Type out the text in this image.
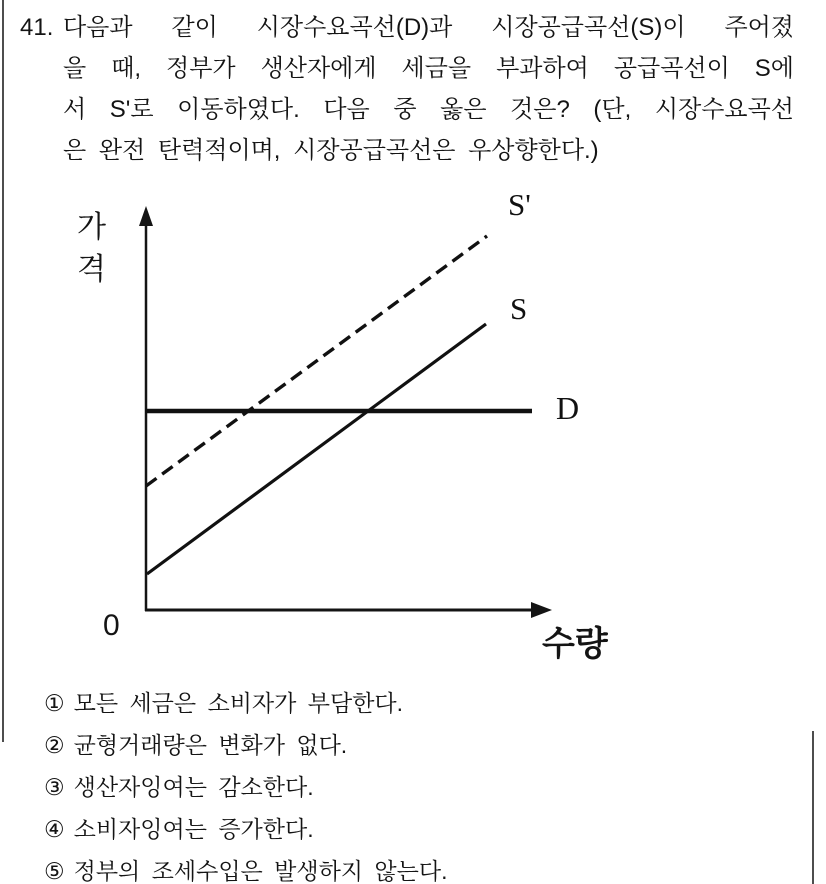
41. 다음과 같이 시장수요곡선(D)과 시장공급곡선(S)이 주어졌
을 때, 정부가 생산자에게 세금을 부과하여 공급곡선이 S에
서 S'로 이동하였다. 다음 중 옳은 것은? (단, 시장수요곡선
은 완전 탄력적이며, 시장공급곡선은 우상향한다.)
가격
수량
0
S'
S
D
① 모든 세금은 소비자가 부담한다.
② 균형거래량은 변화가 없다.
③ 생산자잉여는 감소한다.
④ 소비자잉여는 증가한다.
⑤ 정부의 조세수입은 발생하지 않는다.
